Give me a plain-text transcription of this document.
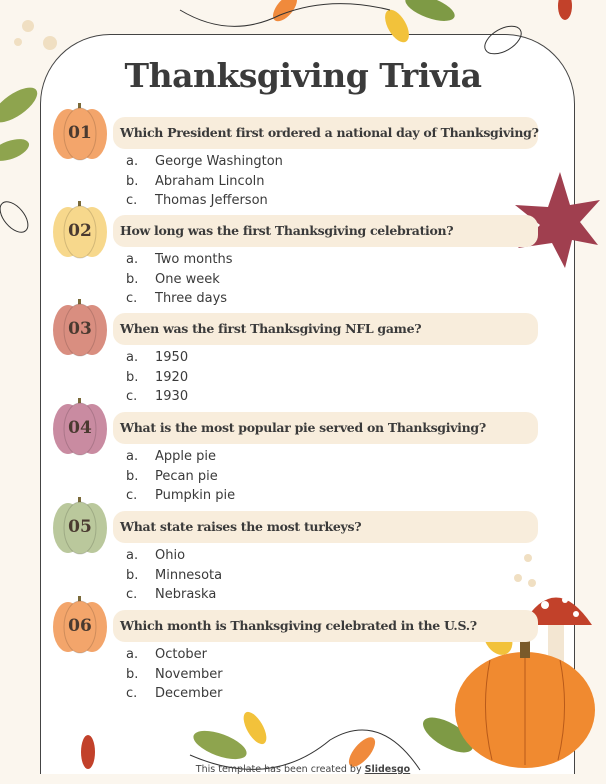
Thanksgiving Trivia
01	Which President first ordered a national day of Thanksgiving?
a.	George Washington
b.	Abraham Lincoln
c.	Thomas Jefferson
02	How long was the first Thanksgiving celebration?
a.	Two months
b.	One week
c.	Three days
03	When was the first Thanksgiving NFL game?
a.	1950
b.	1920
c.	1930
04	What is the most popular pie served on Thanksgiving?
a.	Apple pie
b.	Pecan pie
c.	Pumpkin pie
05	What state raises the most turkeys?
a.	Ohio
b.	Minnesota
c.	Nebraska
06	Which month is Thanksgiving celebrated in the U.S.?
a.	October
b.	November
c.	December
This template has been created by Slidesgo
